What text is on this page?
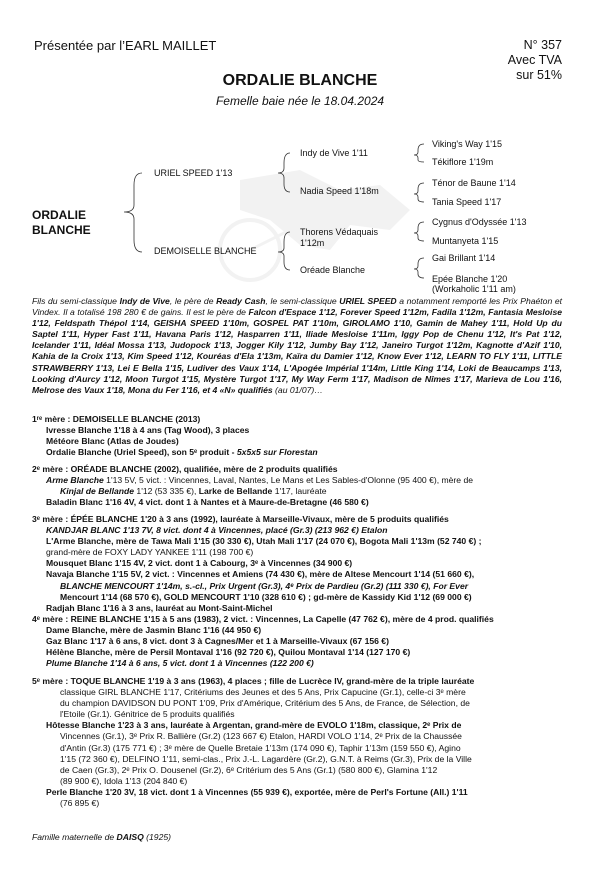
Présentée par l’EARL MAILLET	N° 357
Avec TVA
sur 51%
ORDALIE BLANCHE
Femelle baie née le 18.04.2024
ORDALIE
BLANCHE
URIEL SPEED 1'13
DEMOISELLE BLANCHE
Indy de Vive 1'11
Nadia Speed 1'18m
Thorens Védaquais
1'12m
Oréade Blanche
Viking's Way 1'15
Tékiflore 1'19m
Ténor de Baune 1'14
Tania Speed 1'17
Cygnus d'Odyssée 1'13
Muntanyeta 1'15
Gai Brillant 1'14
Epée Blanche 1'20
(Workaholic 1'11 am)
Fils du semi-classique Indy de Vive, le père de Ready Cash, le semi-classique URIEL SPEED a notamment remporté les Prix Phaéton et Vindex. Il a totalisé 198 280 € de gains. Il est le père de Falcon d'Espace 1'12, Forever Speed 1'12m, Fadila 1'12m, Fantasia Mesloise 1'12, Feldspath Thépol 1'14, GEISHA SPEED 1'10m, GOSPEL PAT 1'10m, GIROLAMO 1'10, Gamin de Mahey 1'11, Hold Up du Saptel 1'11, Hyper Fast 1'11, Havana Paris 1'12, Hasparren 1'11, Iliade Mesloise 1'11m, Iggy Pop de Chenu 1'12, It's Pat 1'12, Icelander 1'11, Idéal Mossa 1'13, Judopock 1'13, Jogger Kily 1'12, Jumby Bay 1'12, Janeiro Turgot 1'12m, Kagnotte d'Azif 1'10, Kahia de la Croix 1'13, Kim Speed 1'12, Kouréas d'Ela 1'13m, Kaïra du Damier 1'12, Know Ever 1'12, LEARN TO FLY 1'11, LITTLE STRAWBERRY 1'13, Lei E Bella 1'15, Ludiver des Vaux 1'14, L'Apogée Impérial 1'14m, Little King 1'14, Loki de Beaucamps 1'13, Looking d'Aurcy 1'12, Moon Turgot 1'15, Mystère Turgot 1'17, My Way Ferm 1'17, Madison de Nîmes 1'17, Marieva de Lou 1'16, Melrose des Vaux 1'18, Mona du Fer 1'16, et 4 «N» qualifiés (au 01/07)…

1ʳᵉ mère : DEMOISELLE BLANCHE (2013)

Ivresse Blanche 1'18 à 4 ans (Tag Wood), 3 places

Météore Blanc (Atlas de Joudes)

Ordalie Blanche (Uriel Speed), son 5ᵉ produit - 5x5x5 sur Florestan

2ᵉ mère : ORÉADE BLANCHE (2002), qualifiée, mère de 2 produits qualifiés

Arme Blanche 1'13 5V, 5 vict. : Vincennes, Laval, Nantes, Le Mans et Les Sables-d'Olonne (95 400 €), mère de

Kinjal de Bellande 1'12 (53 335 €), Larke de Bellande 1'17, lauréate

Baladin Blanc 1'16 4V, 4 vict. dont 1 à Nantes et à Maure-de-Bretagne (46 580 €)

3ᵉ mère : ÉPÉE BLANCHE 1'20 à 3 ans (1992), lauréate à Marseille-Vivaux, mère de 5 produits qualifiés

KANDJAR BLANC 1'13 7V, 8 vict. dont 4 à Vincennes, placé (Gr.3) (213 962 €) Etalon

L'Arme Blanche, mère de Tawa Mali 1'15 (30 330 €), Utah Mali 1'17 (24 070 €), Bogota Mali 1'13m (52 740 €) ;

grand-mère de FOXY LADY YANKEE 1'11 (198 700 €)

Mousquet Blanc 1'15 4V, 2 vict. dont 1 à Cabourg, 3ᵉ à Vincennes (34 900 €)

Navaja Blanche 1'15 5V, 2 vict. : Vincennes et Amiens (74 430 €), mère de Altese Mencourt 1'14 (51 660 €),

BLANCHE MENCOURT 1'14m, s.-cl., Prix Urgent (Gr.3), 4ᵉ Prix de Pardieu (Gr.2) (111 330 €), For Ever

Mencourt 1'14 (68 570 €), GOLD MENCOURT 1'10 (328 610 €) ; gd-mère de Kassidy Kid 1'12 (69 000 €)

Radjah Blanc 1'16 à 3 ans, lauréat au Mont-Saint-Michel

4ᵉ mère : REINE BLANCHE 1'15 à 5 ans (1983), 2 vict. : Vincennes, La Capelle (47 762 €), mère de 4 prod. qualifiés

Dame Blanche, mère de Jasmin Blanc 1'16 (44 950 €)

Gaz Blanc 1'17 à 6 ans, 8 vict. dont 3 à Cagnes/Mer et 1 à Marseille-Vivaux (67 156 €)

Hélène Blanche, mère de Persil Montaval 1'16 (92 720 €), Quilou Montaval 1'14 (127 170 €)

Plume Blanche 1'14 à 6 ans, 5 vict. dont 1 à Vincennes (122 200 €)

5ᵉ mère : TOQUE BLANCHE 1'19 à 3 ans (1963), 4 places ; fille de Lucrèce IV, grand-mère de la triple lauréate

classique GIRL BLANCHE 1'17, Critériums des Jeunes et des 5 Ans, Prix Capucine (Gr.1), celle-ci 3ᵉ mère

du champion DAVIDSON DU PONT 1'09, Prix d'Amérique, Critérium des 5 Ans, de France, de Sélection, de

l'Etoile (Gr.1). Génitrice de 5 produits qualifiés

Hôtesse Blanche 1'23 à 3 ans, lauréate à Argentan, grand-mère de EVOLO 1'18m, classique, 2ᵉ Prix de

Vincennes (Gr.1), 3ᵉ Prix R. Ballière (Gr.2) (123 667 €) Etalon, HARDI VOLO 1'14, 2ᵉ Prix de la Chaussée

d'Antin (Gr.3) (175 771 €) ; 3ᵉ mère de Quelle Bretaie 1'13m (174 090 €), Taphir 1'13m (159 550 €), Agino

1'15 (72 360 €), DELFINO 1'11, semi-clas., Prix J.-L. Lagardère (Gr.2), G.N.T. à Reims (Gr.3), Prix de la Ville

de Caen (Gr.3), 2ᵉ Prix O. Dousenel (Gr.2), 6ᵉ Critérium des 5 Ans (Gr.1) (580 800 €), Glamina 1'12

(89 900 €), Idola 1'13 (204 840 €)

Perle Blanche 1'20 3V, 18 vict. dont 1 à Vincennes (55 939 €), exportée, mère de Perl's Fortune (All.) 1'11

(76 895 €)

Famille maternelle de DAISQ (1925)
